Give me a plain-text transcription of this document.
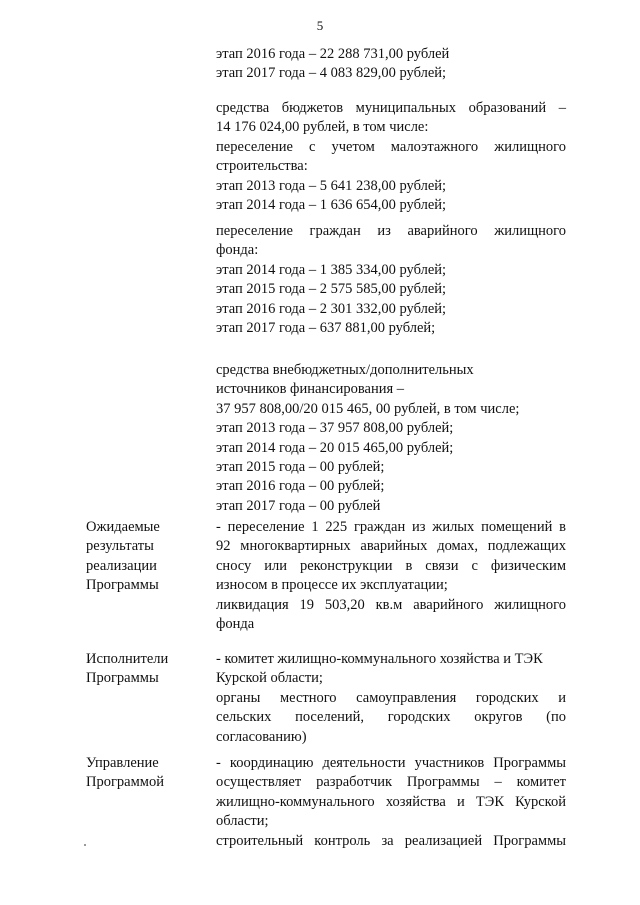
5
этап 2016 года – 22 288 731,00 рублей
этап 2017 года – 4 083 829,00 рублей;
средства бюджетов муниципальных образований –
14 176 024,00 рублей, в том числе:
переселение с учетом малоэтажного жилищного
строительства:
этап 2013 года – 5 641 238,00 рублей;
этап 2014 года – 1 636 654,00 рублей;
переселение граждан из аварийного жилищного
фонда:
этап 2014 года – 1 385 334,00 рублей;
этап 2015 года – 2 575 585,00 рублей;
этап 2016 года – 2 301 332,00 рублей;
этап 2017 года – 637 881,00 рублей;
средства внебюджетных/дополнительных
источников финансирования –
37 957 808,00/20 015 465, 00 рублей, в том числе;
этап 2013 года – 37 957 808,00 рублей;
этап 2014 года – 20 015 465,00 рублей;
этап 2015 года – 00 рублей;
этап 2016 года – 00 рублей;
этап 2017 года – 00 рублей
Ожидаемые
результаты
реализации
Программы
- переселение 1 225 граждан из жилых помещений в
92 многоквартирных аварийных домах, подлежащих
сносу или реконструкции в связи с физическим
износом в процессе их эксплуатации;
ликвидация 19 503,20 кв.м аварийного жилищного
фонда
Исполнители
Программы
- комитет жилищно-коммунального хозяйства и ТЭК
Курской области;
органы местного самоуправления городских и
сельских поселений, городских округов (по
согласованию)
Управление
Программой
- координацию деятельности участников Программы
осуществляет разработчик Программы – комитет
жилищно-коммунального хозяйства и ТЭК Курской
области;
строительный контроль за реализацией Программы
